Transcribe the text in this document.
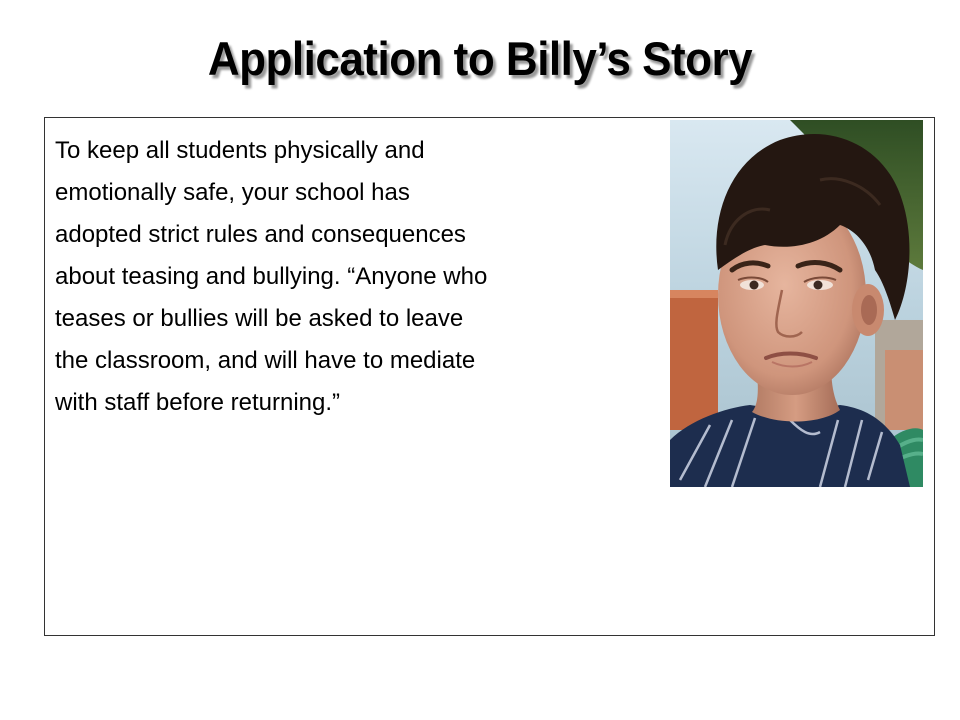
Application to Billy’s Story

To keep all students physically and
emotionally safe, your school has
adopted strict rules and consequences
about teasing and bullying. “Anyone who
teases or bullies will be asked to leave
the classroom, and will have to mediate
with staff before returning.”
